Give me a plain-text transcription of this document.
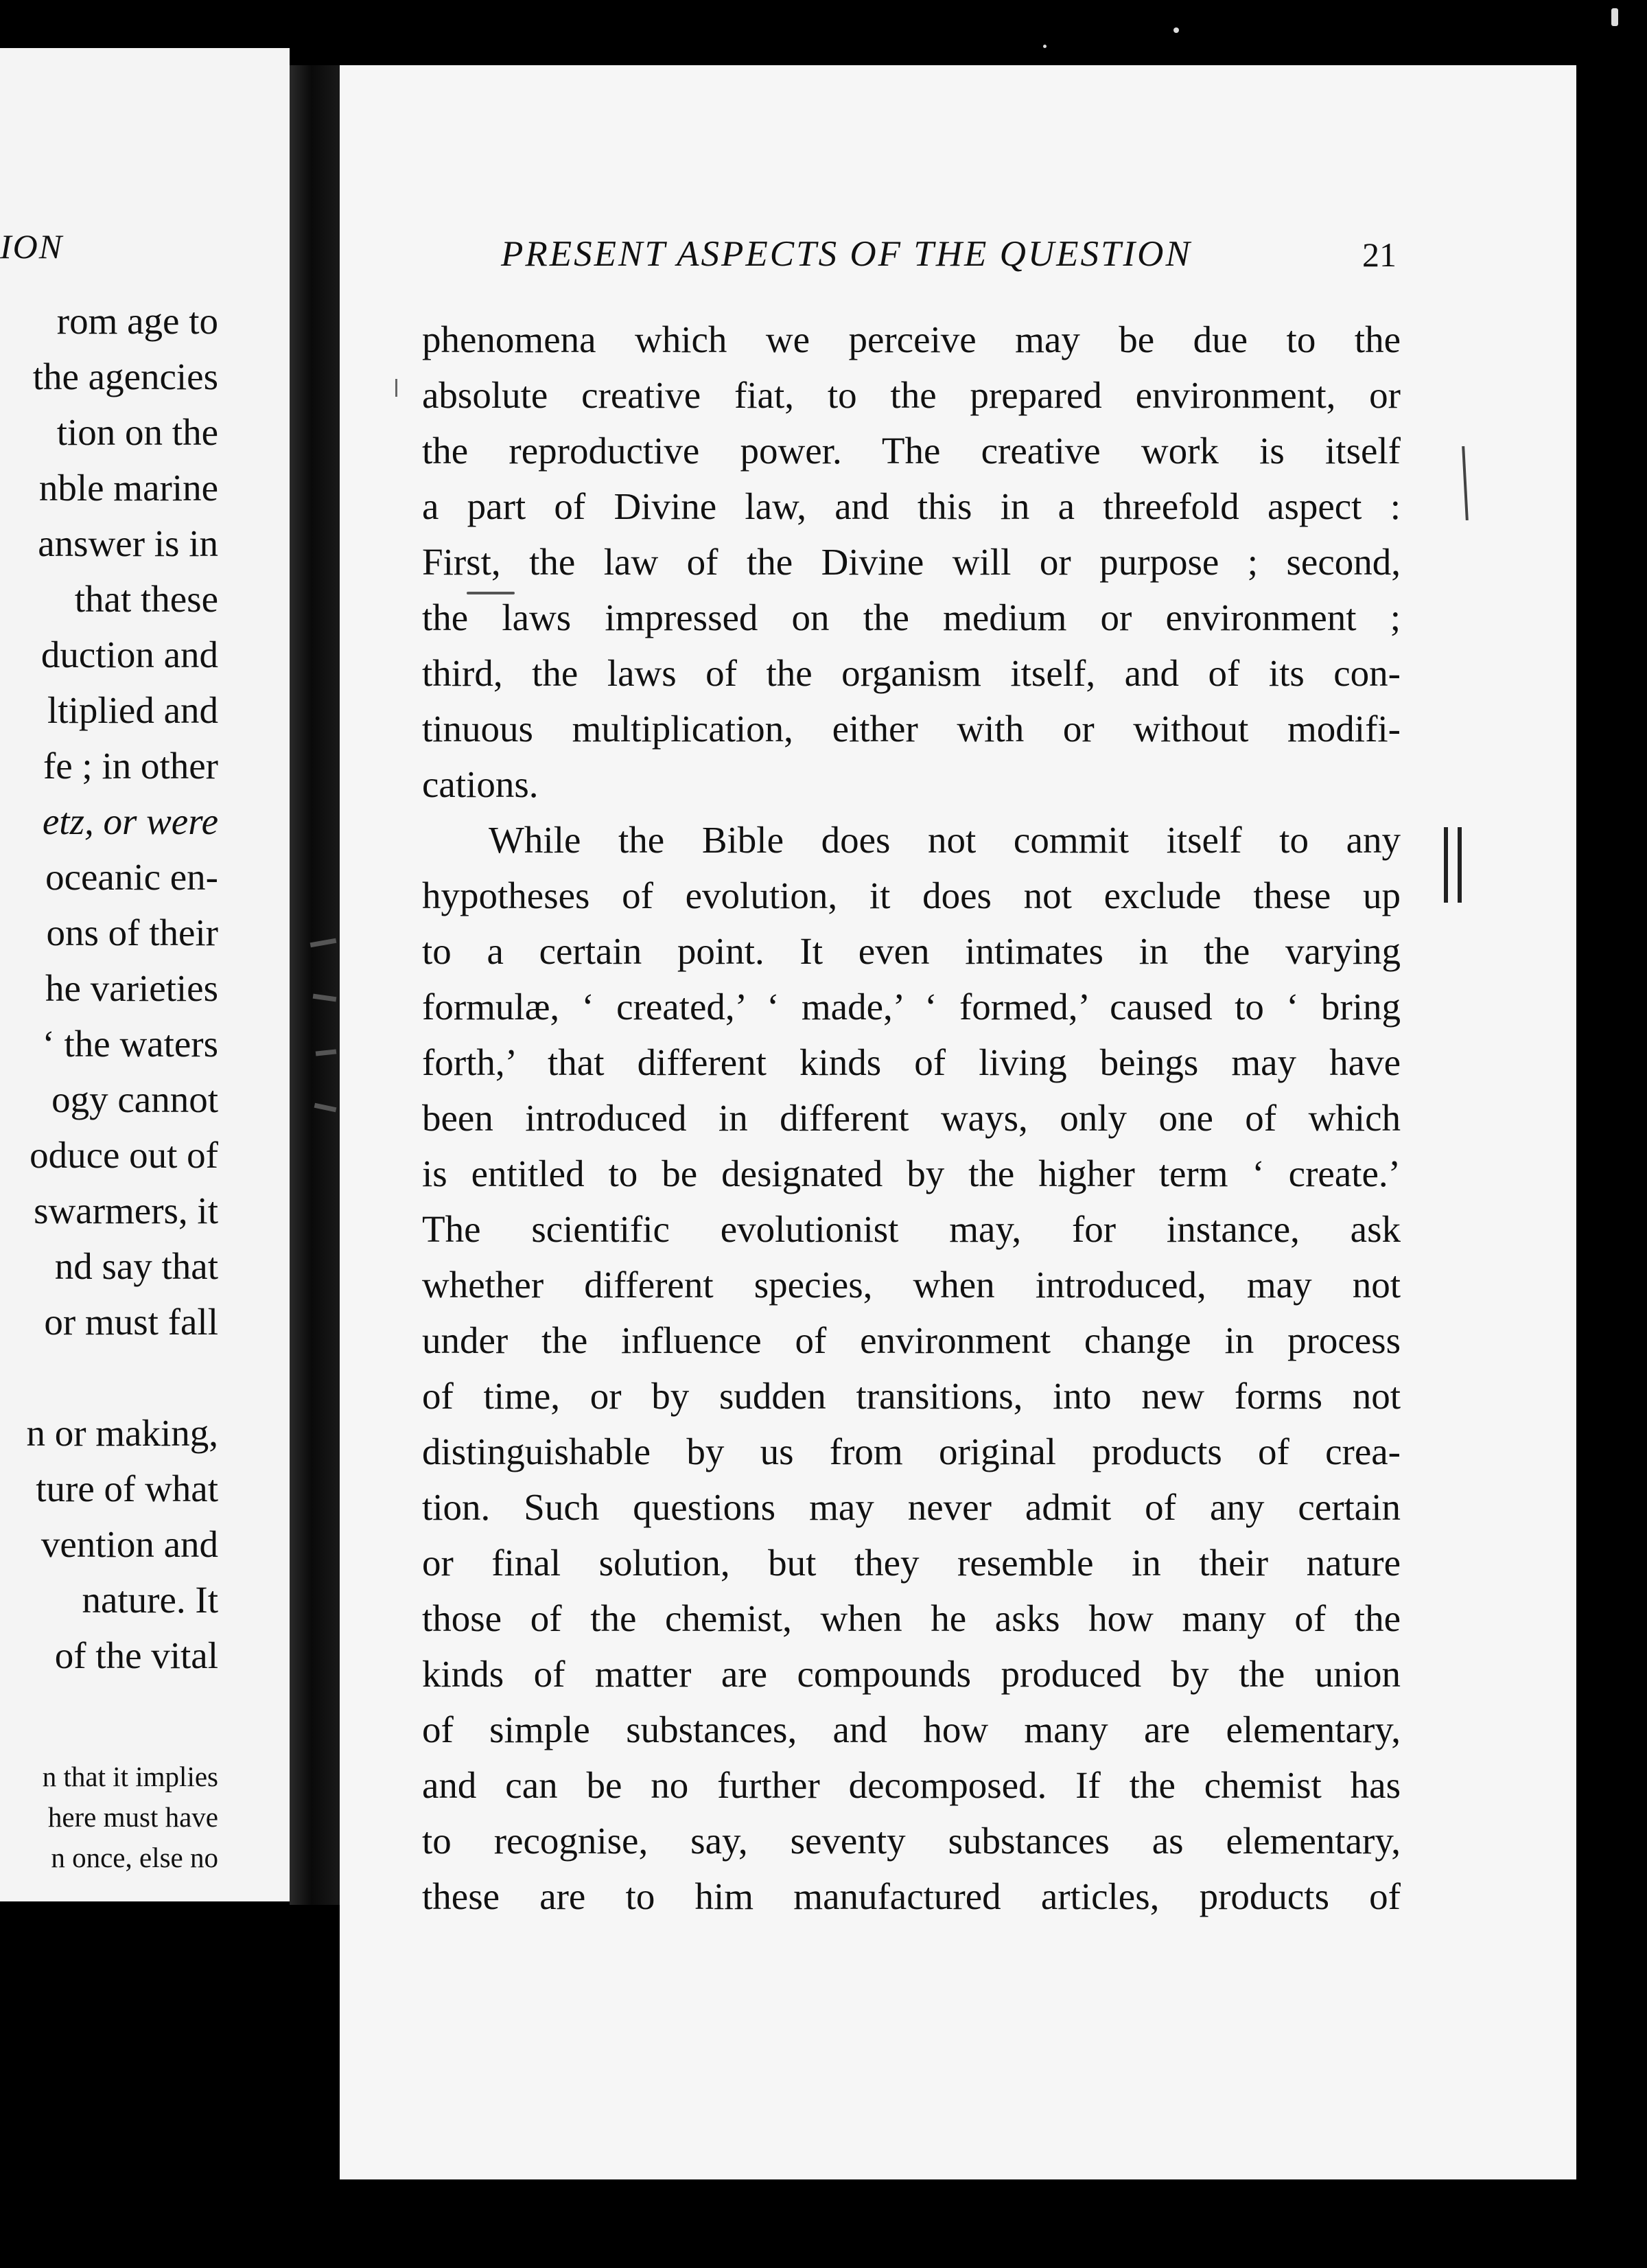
ION
rom age to
the agencies
tion on the
nble marine
answer is in
that these
duction and
ltiplied and
fe ; in other
etz, or were
oceanic en-
ons of their
he varieties
‘ the waters
ogy cannot
oduce out of
swarmers, it
nd say that
or must fall
n or making,
ture of what
vention and
nature. It
of the vital
n that it implies
here must have
n once, else no
PRESENT ASPECTS OF THE QUESTION	21
phenomena which we perceive may be due to the
absolute creative fiat, to the prepared environment, or
the reproductive power. The creative work is itself
a part of Divine law, and this in a threefold aspect :
First, the law of the Divine will or purpose ; second,
the laws impressed on the medium or environment ;
third, the laws of the organism itself, and of its con-
tinuous multiplication, either with or without modifi-
cations.
While the Bible does not commit itself to any
hypotheses of evolution, it does not exclude these up
to a certain point. It even intimates in the varying
formulæ, ‘ created,’ ‘ made,’ ‘ formed,’ caused to ‘ bring
forth,’ that different kinds of living beings may have
been introduced in different ways, only one of which
is entitled to be designated by the higher term ‘ create.’
The scientific evolutionist may, for instance, ask
whether different species, when introduced, may not
under the influence of environment change in process
of time, or by sudden transitions, into new forms not
distinguishable by us from original products of crea-
tion. Such questions may never admit of any certain
or final solution, but they resemble in their nature
those of the chemist, when he asks how many of the
kinds of matter are compounds produced by the union
of simple substances, and how many are elementary,
and can be no further decomposed. If the chemist has
to recognise, say, seventy substances as elementary,
these are to him manufactured articles, products of
